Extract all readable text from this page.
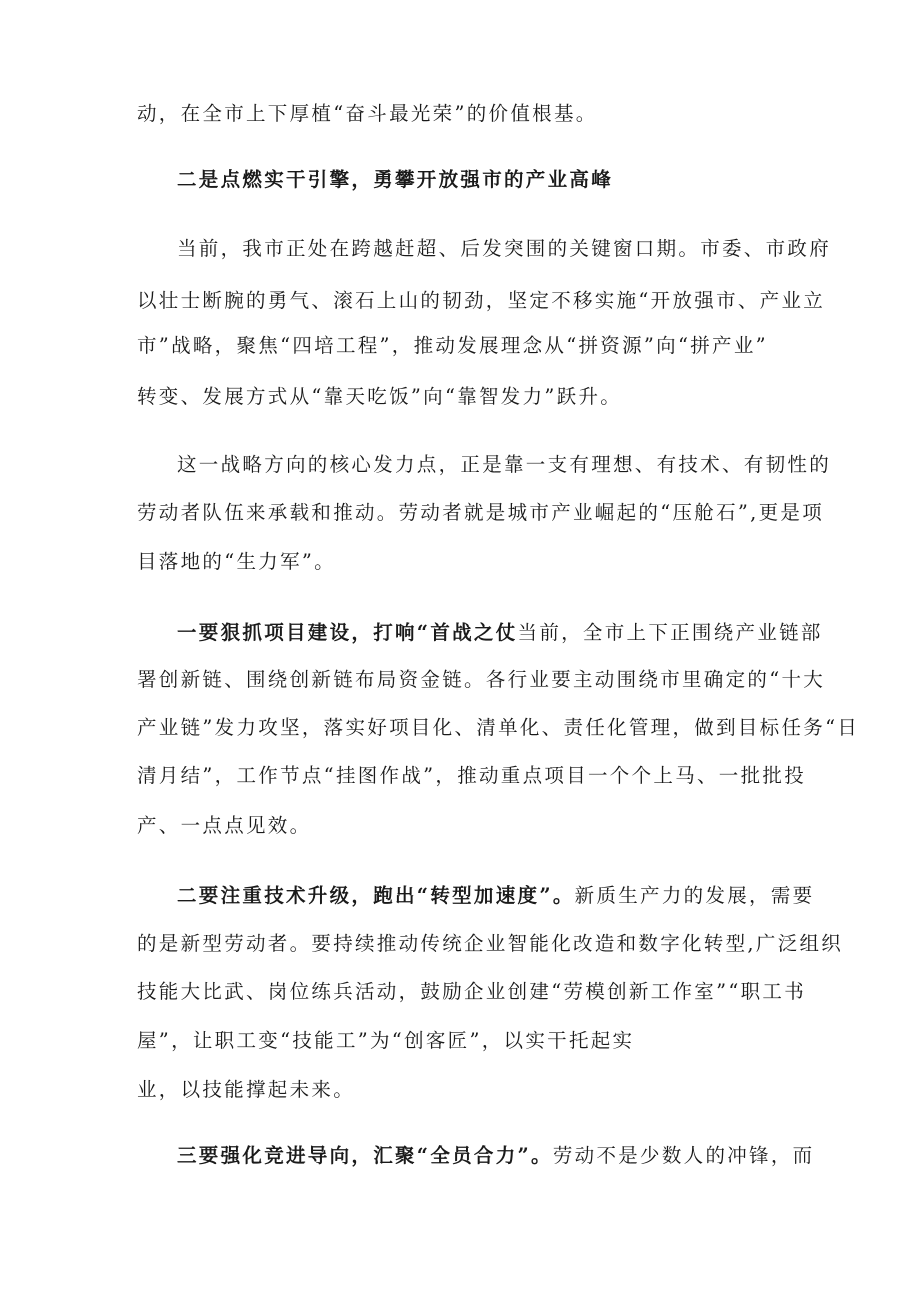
动，在全市上下厚植“奋斗最光荣”的价值根基。
二是点燃实干引擎，勇攀开放强市的产业高峰
当前，我市正处在跨越赶超、后发突围的关键窗口期。市委、市政府
以壮士断腕的勇气、滚石上山的韧劲，坚定不移实施“开放强市、产业立
市”战略，聚焦“四培工程”，推动发展理念从“拼资源”向“拼产业”
转变、发展方式从“靠天吃饭”向“靠智发力”跃升。
这一战略方向的核心发力点，正是靠一支有理想、有技术、有韧性的
劳动者队伍来承载和推动。劳动者就是城市产业崛起的“压舱石”,更是项
目落地的“生力军”。
一要狠抓项目建设，打响“首战之仗当前，全市上下正围绕产业链部
署创新链、围绕创新链布局资金链。各行业要主动围绕市里确定的“十大
产业链”发力攻坚，落实好项目化、清单化、责任化管理，做到目标任务“日
清月结”，工作节点“挂图作战”，推动重点项目一个个上马、一批批投
产、一点点见效。
二要注重技术升级，跑出“转型加速度”。新质生产力的发展，需要
的是新型劳动者。要持续推动传统企业智能化改造和数字化转型,广泛组织
技能大比武、岗位练兵活动，鼓励企业创建“劳模创新工作室”“职工书
屋”，让职工变“技能工”为“创客匠”，以实干托起实
业，以技能撑起未来。
三要强化竞进导向，汇聚“全员合力”。劳动不是少数人的冲锋，而
